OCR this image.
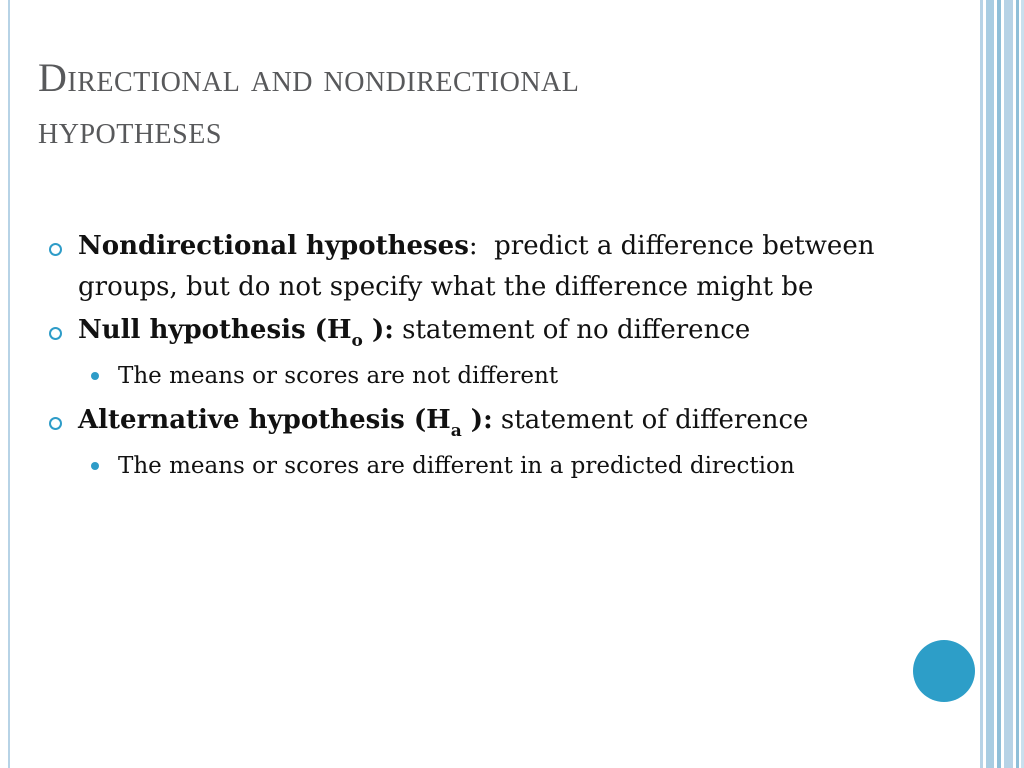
Directional and nondirectional
hypotheses
Nondirectional hypotheses:  predict a difference between groups, but do not specify what the difference might be
Null hypothesis ($H_o$ ): statement of no difference
The means or scores are not different
Alternative hypothesis ($H_a$ ): statement of difference
The means or scores are different in a predicted direction
